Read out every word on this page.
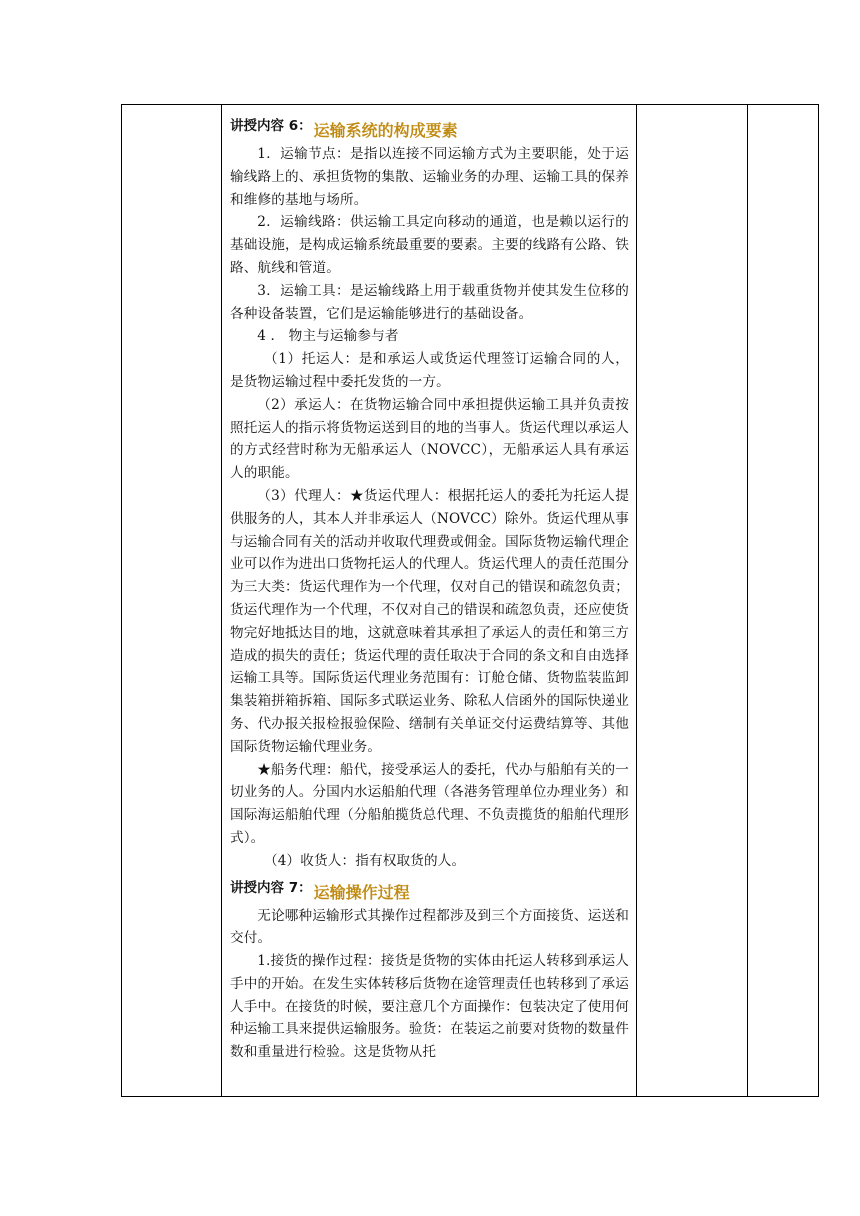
讲授内容 6： 运输系统的构成要素

1．运输节点：是指以连接不同运输方式为主要职能，处于运输线路上的、承担货物的集散、运输业务的办理、运输工具的保养和维修的基地与场所。

2．运输线路：供运输工具定向移动的通道，也是赖以运行的基础设施，是构成运输系统最重要的要素。主要的线路有公路、铁路、航线和管道。

3．运输工具：是运输线路上用于载重货物并使其发生位移的各种设备装置，它们是运输能够进行的基础设备。

4 ． 物主与运输参与者

（1）托运人：是和承运人或货运代理签订运输合同的人，是货物运输过程中委托发货的一方。

（2）承运人：在货物运输合同中承担提供运输工具并负责按照托运人的指示将货物运送到目的地的当事人。货运代理以承运人的方式经营时称为无船承运人（NOVCC），无船承运人具有承运人的职能。

（3）代理人：★货运代理人：根据托运人的委托为托运人提供服务的人，其本人并非承运人（NOVCC）除外。货运代理从事与运输合同有关的活动并收取代理费或佣金。国际货物运输代理企业可以作为进出口货物托运人的代理人。货运代理人的责任范围分为三大类：货运代理作为一个代理，仅对自己的错误和疏忽负责；货运代理作为一个代理，不仅对自己的错误和疏忽负责，还应使货物完好地抵达目的地，这就意味着其承担了承运人的责任和第三方造成的损失的责任；货运代理的责任取决于合同的条文和自由选择运输工具等。国际货运代理业务范围有：订舱仓储、货物监装监卸集装箱拼箱拆箱、国际多式联运业务、除私人信函外的国际快递业务、代办报关报检报验保险、缮制有关单证交付运费结算等、其他国际货物运输代理业务。

★船务代理：船代，接受承运人的委托，代办与船舶有关的一切业务的人。分国内水运船舶代理（各港务管理单位办理业务）和国际海运船舶代理（分船舶揽货总代理、不负责揽货的船舶代理形式）。

（4）收货人：指有权取货的人。

讲授内容 7： 运输操作过程

无论哪种运输形式其操作过程都涉及到三个方面接货、运送和交付。

1.接货的操作过程：接货是货物的实体由托运人转移到承运人手中的开始。在发生实体转移后货物在途管理责任也转移到了承运人手中。在接货的时候，要注意几个方面操作：包装决定了使用何种运输工具来提供运输服务。验货：在装运之前要对货物的数量件数和重量进行检验。这是货物从托
